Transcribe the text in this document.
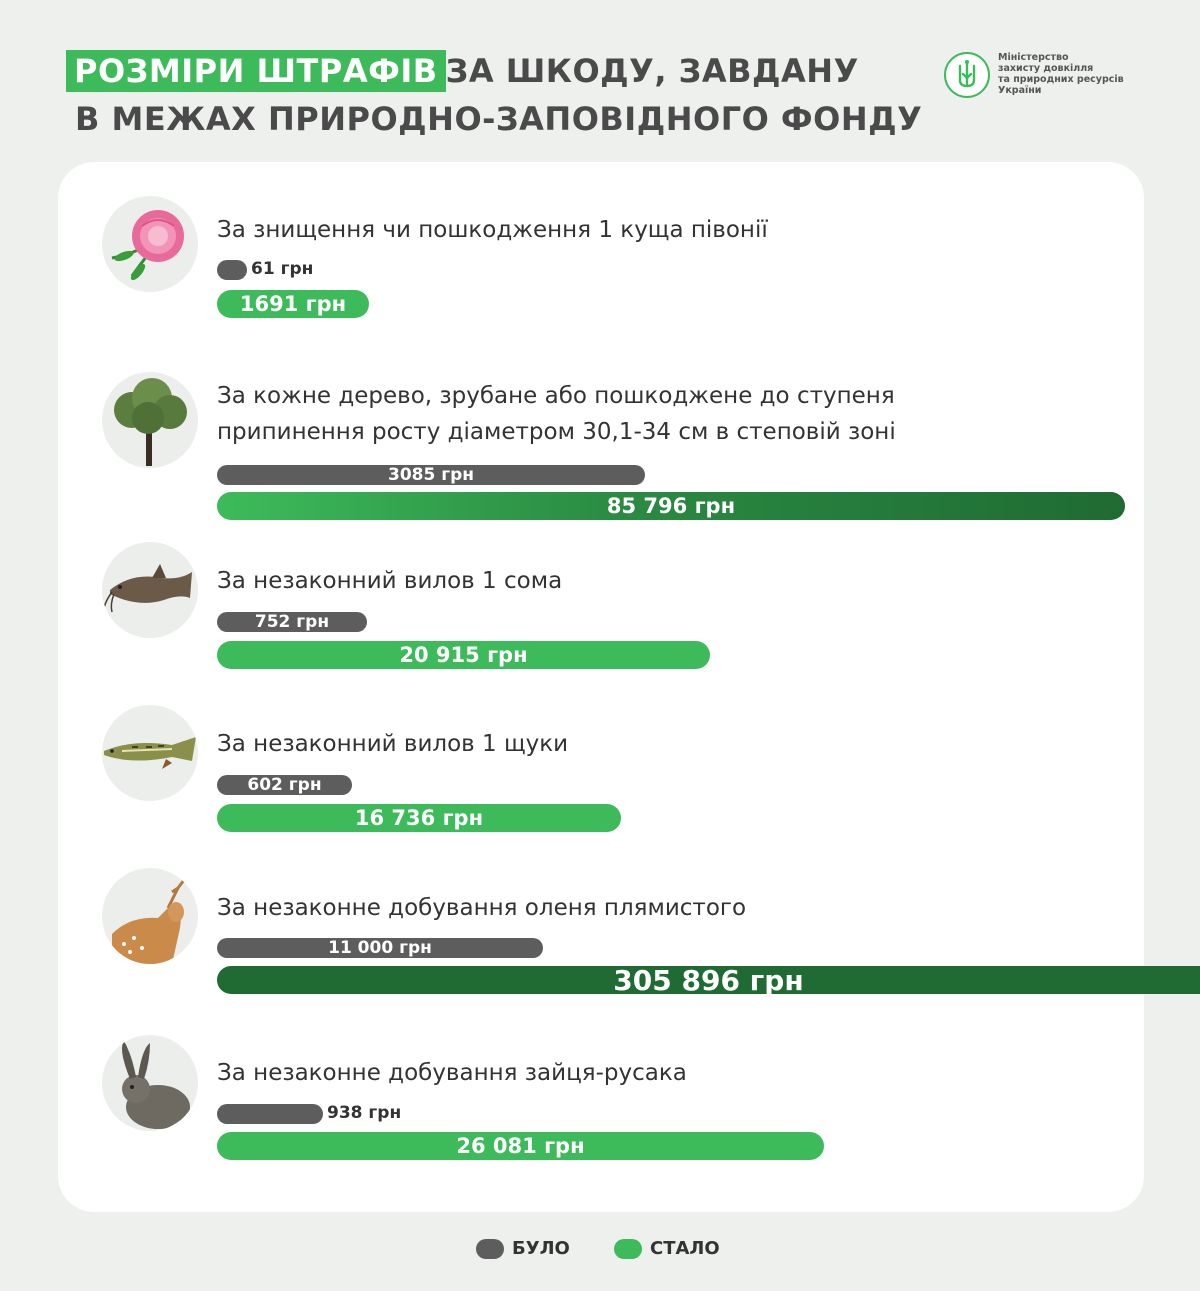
РОЗМІРИ ШТРАФІВ ЗА ШКОДУ, ЗАВДАНУ
В МЕЖАХ ПРИРОДНО-ЗАПОВІДНОГО ФОНДУ
Міністерство
захисту довкілля
та природних ресурсів
України
За знищення чи пошкодження 1 куща півонії
61 грн
1691 грн
За кожне дерево, зрубане або пошкоджене до ступеня припинення росту діаметром 30,1-34 см в степовій зоні
3085 грн
85 796 грн
За незаконний вилов 1 сома
752 грн
20 915 грн
За незаконний вилов 1 щуки
602 грн
16 736 грн
За незаконне добування оленя плямистого
11 000 грн
305 896 грн
За незаконне добування зайця-русака
938 грн
26 081 грн
БУЛО	СТАЛО
